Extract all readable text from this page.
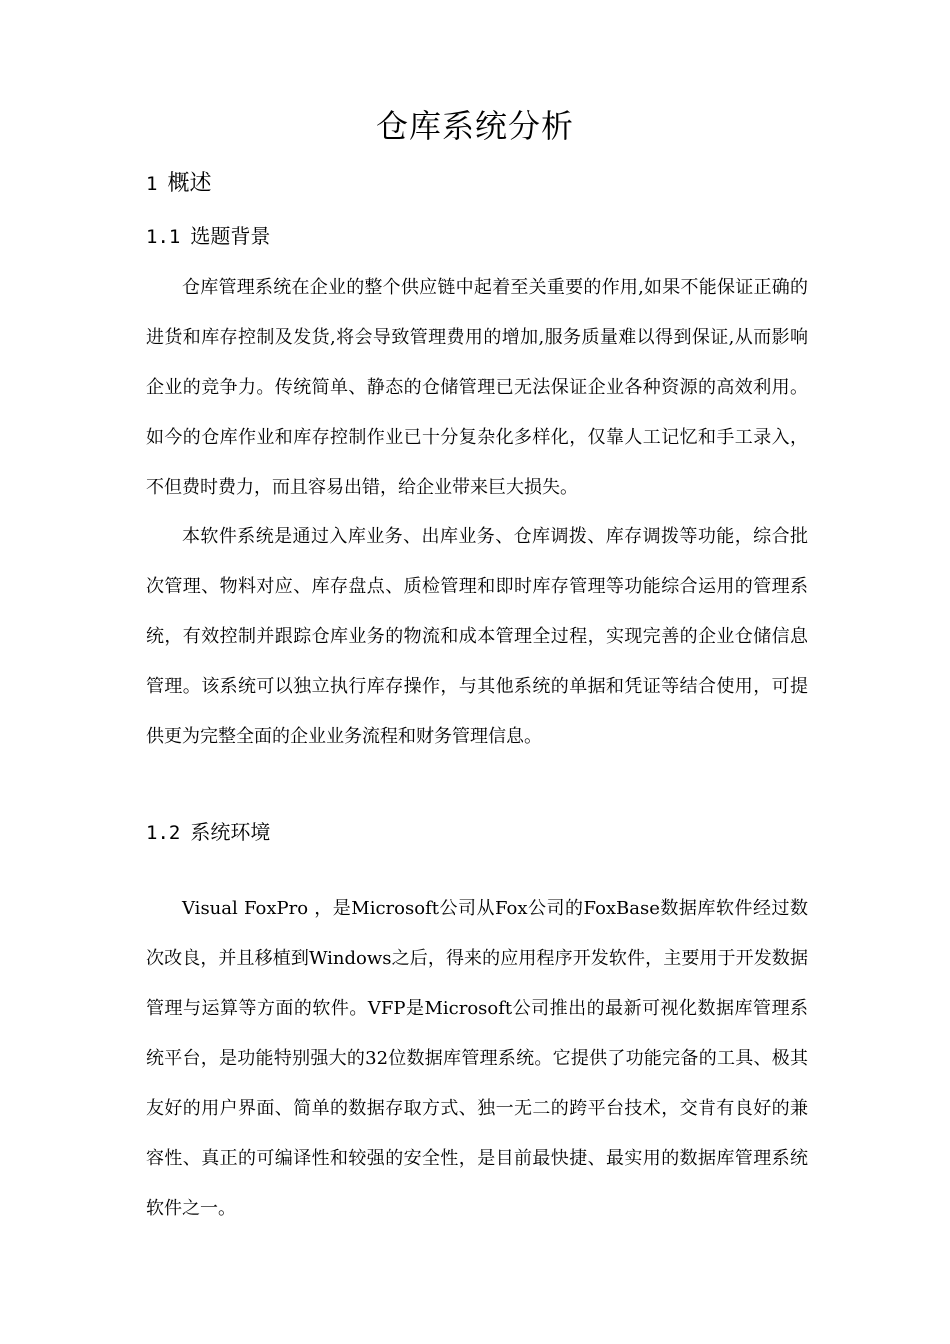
仓库系统分析
1 概述
1.1 选题背景

仓库管理系统在企业的整个供应链中起着至关重要的作用,如果不能保证正确的进货和库存控制及发货,将会导致管理费用的增加,服务质量难以得到保证,从而影响企业的竞争力。传统简单、静态的仓储管理已无法保证企业各种资源的高效利用。如今的仓库作业和库存控制作业已十分复杂化多样化，仅靠人工记忆和手工录入，不但费时费力，而且容易出错，给企业带来巨大损失。

本软件系统是通过入库业务、出库业务、仓库调拨、库存调拨等功能，综合批次管理、物料对应、库存盘点、质检管理和即时库存管理等功能综合运用的管理系统，有效控制并跟踪仓库业务的物流和成本管理全过程，实现完善的企业仓储信息管理。该系统可以独立执行库存操作，与其他系统的单据和凭证等结合使用，可提供更为完整全面的企业业务流程和财务管理信息。

1.2 系统环境

Visual FoxPro ，是Microsoft公司从Fox公司的FoxBase数据库软件经过数次改良，并且移植到Windows之后，得来的应用程序开发软件，主要用于开发数据管理与运算等方面的软件。VFP是Microsoft公司推出的最新可视化数据库管理系统平台，是功能特别强大的32位数据库管理系统。它提供了功能完备的工具、极其友好的用户界面、简单的数据存取方式、独一无二的跨平台技术，交肯有良好的兼容性、真正的可编译性和较强的安全性，是目前最快捷、最实用的数据库管理系统软件之一。
